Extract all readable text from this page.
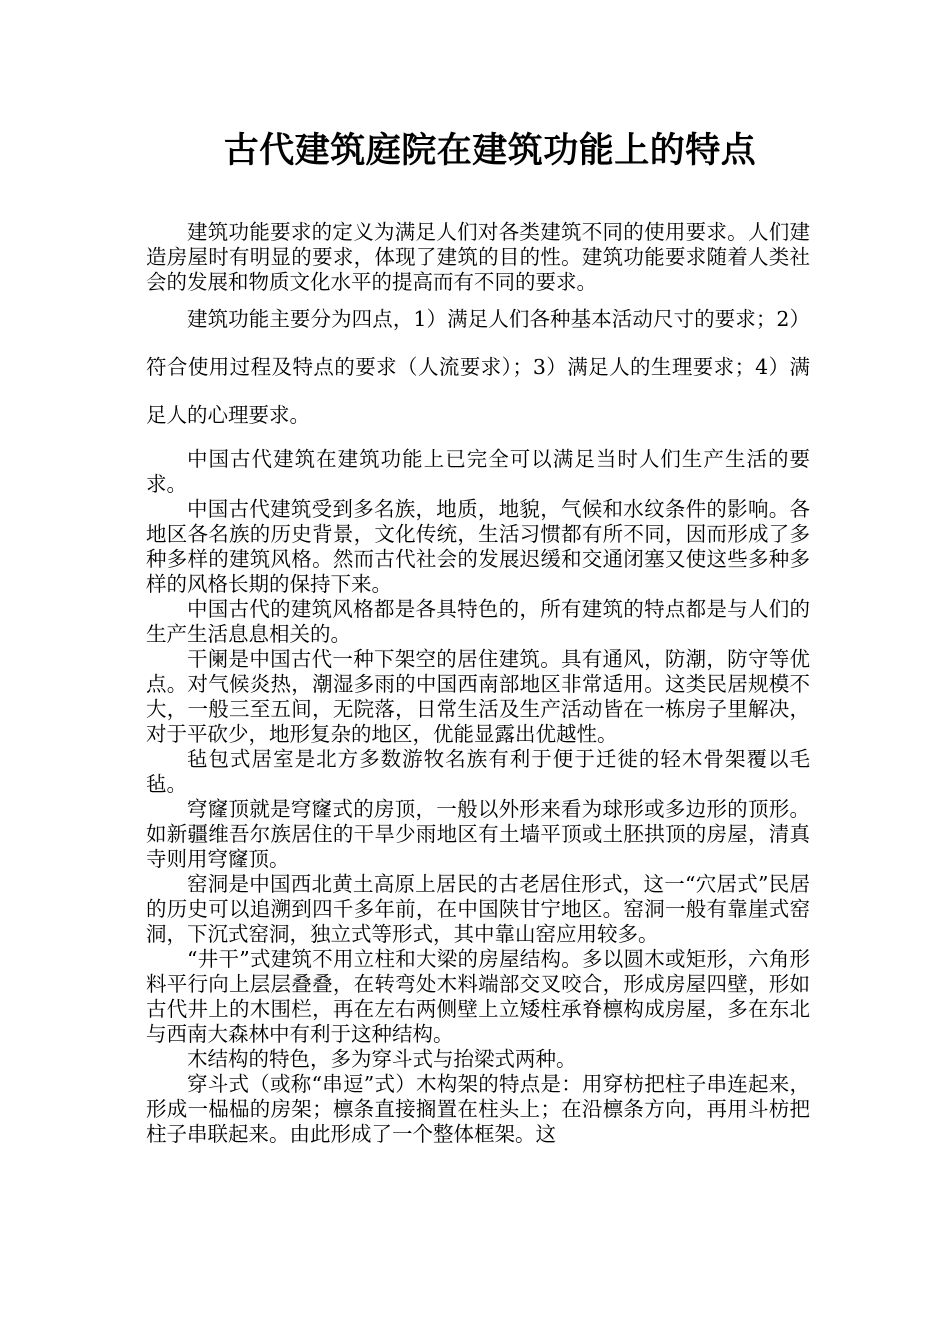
古代建筑庭院在建筑功能上的特点

建筑功能要求的定义为满足人们对各类建筑不同的使用要求。人们建造房屋时有明显的要求，体现了建筑的目的性。建筑功能要求随着人类社会的发展和物质文化水平的提高而有不同的要求。

建筑功能主要分为四点，1）满足人们各种基本活动尺寸的要求；2）符合使用过程及特点的要求（人流要求）；3）满足人的生理要求；4）满足人的心理要求。

中国古代建筑在建筑功能上已完全可以满足当时人们生产生活的要求。

中国古代建筑受到多名族，地质，地貌，气候和水纹条件的影响。各地区各名族的历史背景，文化传统，生活习惯都有所不同，因而形成了多种多样的建筑风格。然而古代社会的发展迟缓和交通闭塞又使这些多种多样的风格长期的保持下来。

中国古代的建筑风格都是各具特色的，所有建筑的特点都是与人们的生产生活息息相关的。

干阑是中国古代一种下架空的居住建筑。具有通风，防潮，防守等优点。对气候炎热，潮湿多雨的中国西南部地区非常适用。这类民居规模不大，一般三至五间，无院落，日常生活及生产活动皆在一栋房子里解决，对于平砍少，地形复杂的地区，优能显露出优越性。

毡包式居室是北方多数游牧名族有利于便于迁徙的轻木骨架覆以毛毡。

穹窿顶就是穹窿式的房顶，一般以外形来看为球形或多边形的顶形。如新疆维吾尔族居住的干旱少雨地区有土墙平顶或土胚拱顶的房屋，清真寺则用穹窿顶。

窑洞是中国西北黄土高原上居民的古老居住形式，这一“穴居式”民居的历史可以追溯到四千多年前，在中国陕甘宁地区。窑洞一般有靠崖式窑洞，下沉式窑洞，独立式等形式，其中靠山窑应用较多。

“井干”式建筑不用立柱和大梁的房屋结构。多以圆木或矩形，六角形料平行向上层层叠叠，在转弯处木料端部交叉咬合，形成房屋四壁，形如古代井上的木围栏，再在左右两侧壁上立矮柱承脊檩构成房屋，多在东北与西南大森林中有利于这种结构。

木结构的特色，多为穿斗式与抬梁式两种。

穿斗式（或称“串逗”式）木构架的特点是：用穿枋把柱子串连起来，形成一榀榀的房架；檩条直接搁置在柱头上；在沿檩条方向，再用斗枋把柱子串联起来。由此形成了一个整体框架。这
